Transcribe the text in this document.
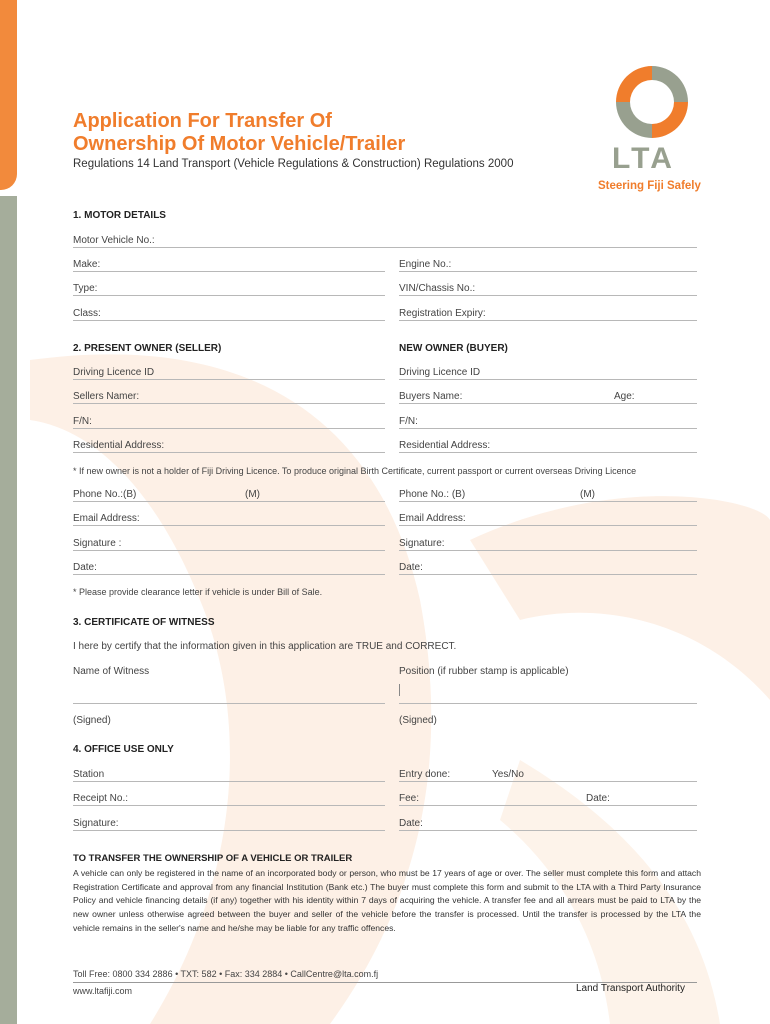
Application For Transfer Of
Ownership Of Motor Vehicle/Trailer
Regulations 14 Land Transport (Vehicle Regulations & Construction) Regulations 2000	LTA
Steering Fiji Safely
1. MOTOR DETAILS
Motor Vehicle No.:
Make:	Engine No.:
Type:	VIN/Chassis No.:
Class:	Registration Expiry:
2. PRESENT OWNER (SELLER)	NEW OWNER (BUYER)
Driving Licence ID	Driving Licence ID
Sellers Namer:	Buyers Name:	Age:
F/N:	F/N:
Residential Address:	Residential Address:
* If new owner is not a holder of Fiji Driving Licence. To produce original Birth Certificate, current passport or current overseas Driving Licence
Phone No.:(B)	(M)	Phone No.: (B)	(M)
Email Address:	Email Address:
Signature :	Signature:
Date:	Date:
* Please provide clearance letter if vehicle is under Bill of Sale.
3. CERTIFICATE OF WITNESS
I here by certify that the information given in this application are TRUE and CORRECT.
Name of Witness	Position (if rubber stamp is applicable)
(Signed)	(Signed)
4. OFFICE USE ONLY
Station	Entry done:	Yes/No
Receipt No.:	Fee:	Date:
Signature:	Date:
TO TRANSFER THE OWNERSHIP OF A VEHICLE OR TRAILER
A vehicle can only be registered in the name of an incorporated body or person, who must be 17 years of age or over. The seller must complete this form and attach Registration Certificate and approval from any financial Institution (Bank etc.) The buyer must complete this form and submit to the LTA with a Third Party Insurance Policy and vehicle financing details (if any) together with his identity within 7 days of acquiring the vehicle. A transfer fee and all arrears must be paid to LTA by the new owner unless otherwise agreed between the buyer and seller of the vehicle before the transfer is processed. Until the transfer is processed by the LTA the vehicle remains in the seller's name and he/she may be liable for any traffic offences.
Toll Free: 0800 334 2886 • TXT: 582 • Fax: 334 2884 • CallCentre@lta.com.fj
www.ltafiji.com	Land Transport Authority
